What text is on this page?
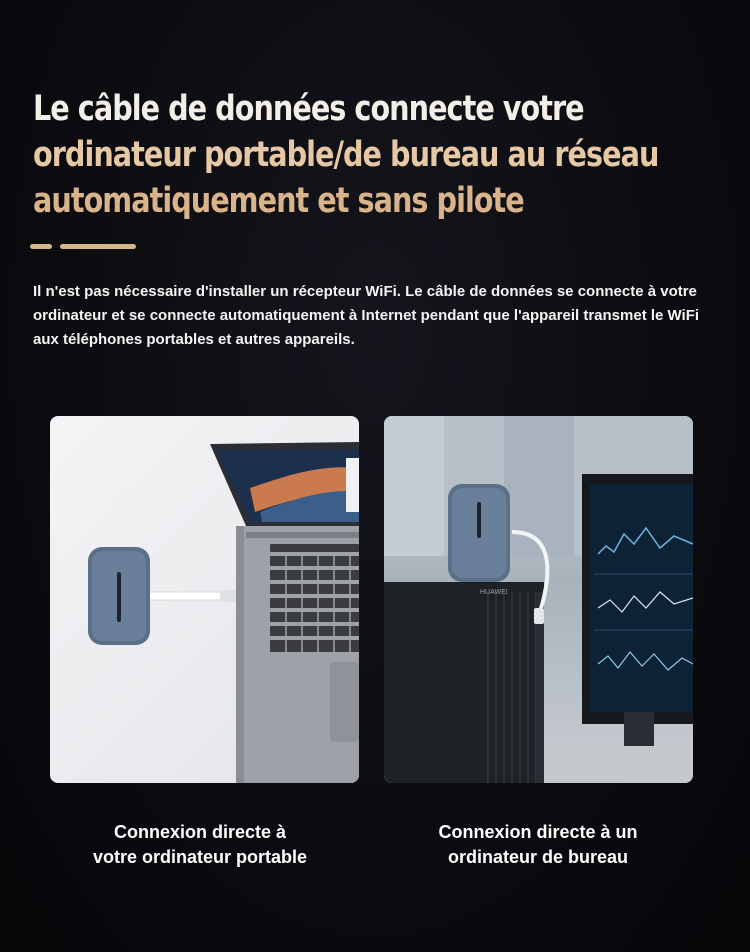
Le câble de données connecte votre
ordinateur portable/de bureau au réseau
automatiquement et sans pilote

Il n'est pas nécessaire d'installer un récepteur WiFi. Le câble de données se connecte à votre ordinateur et se connecte automatiquement à Internet pendant que l'appareil transmet le WiFi aux téléphones portables et autres appareils.

HUAWEI

Connexion directe à
votre ordinateur portable

Connexion directe à un
ordinateur de bureau
